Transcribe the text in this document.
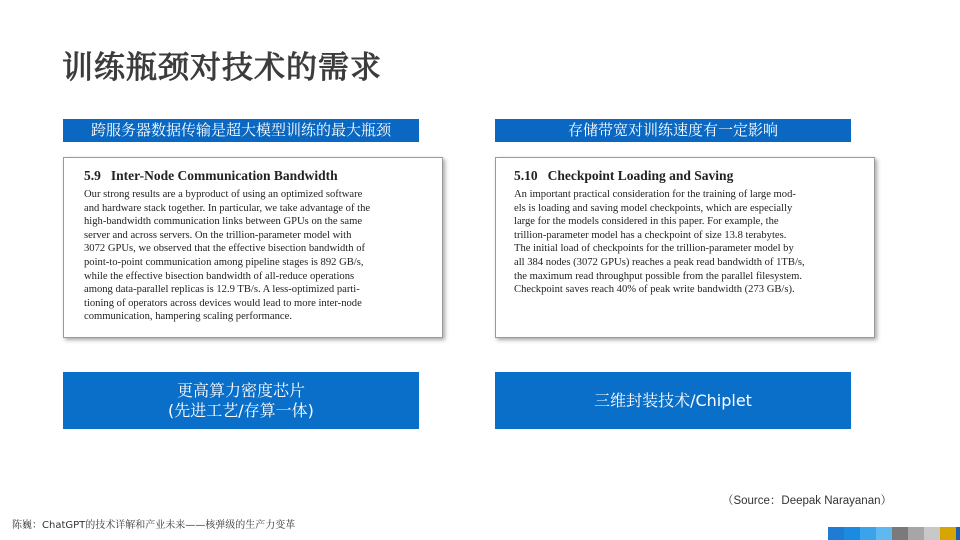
训练瓶颈对技术的需求
跨服务器数据传输是超大模型训练的最大瓶颈	存储带宽对训练速度有一定影响
5.9 Inter-Node Communication Bandwidth
Our strong results are a byproduct of using an optimized software
and hardware stack together. In particular, we take advantage of the
high-bandwidth communication links between GPUs on the same
server and across servers. On the trillion-parameter model with
3072 GPUs, we observed that the effective bisection bandwidth of
point-to-point communication among pipeline stages is 892 GB/s,
while the effective bisection bandwidth of all-reduce operations
among data-parallel replicas is 12.9 TB/s. A less-optimized parti-
tioning of operators across devices would lead to more inter-node
communication, hampering scaling performance.
5.10 Checkpoint Loading and Saving
An important practical consideration for the training of large mod-
els is loading and saving model checkpoints, which are especially
large for the models considered in this paper. For example, the
trillion-parameter model has a checkpoint of size 13.8 terabytes.
The initial load of checkpoints for the trillion-parameter model by
all 384 nodes (3072 GPUs) reaches a peak read bandwidth of 1TB/s,
the maximum read throughput possible from the parallel filesystem.
Checkpoint saves reach 40% of peak write bandwidth (273 GB/s).
更高算力密度芯片
(先进工艺/存算一体)
三维封装技术/Chiplet
（Source：Deepak Narayanan）
陈巍：ChatGPT的技术详解和产业未来——核弹级的生产力变革
